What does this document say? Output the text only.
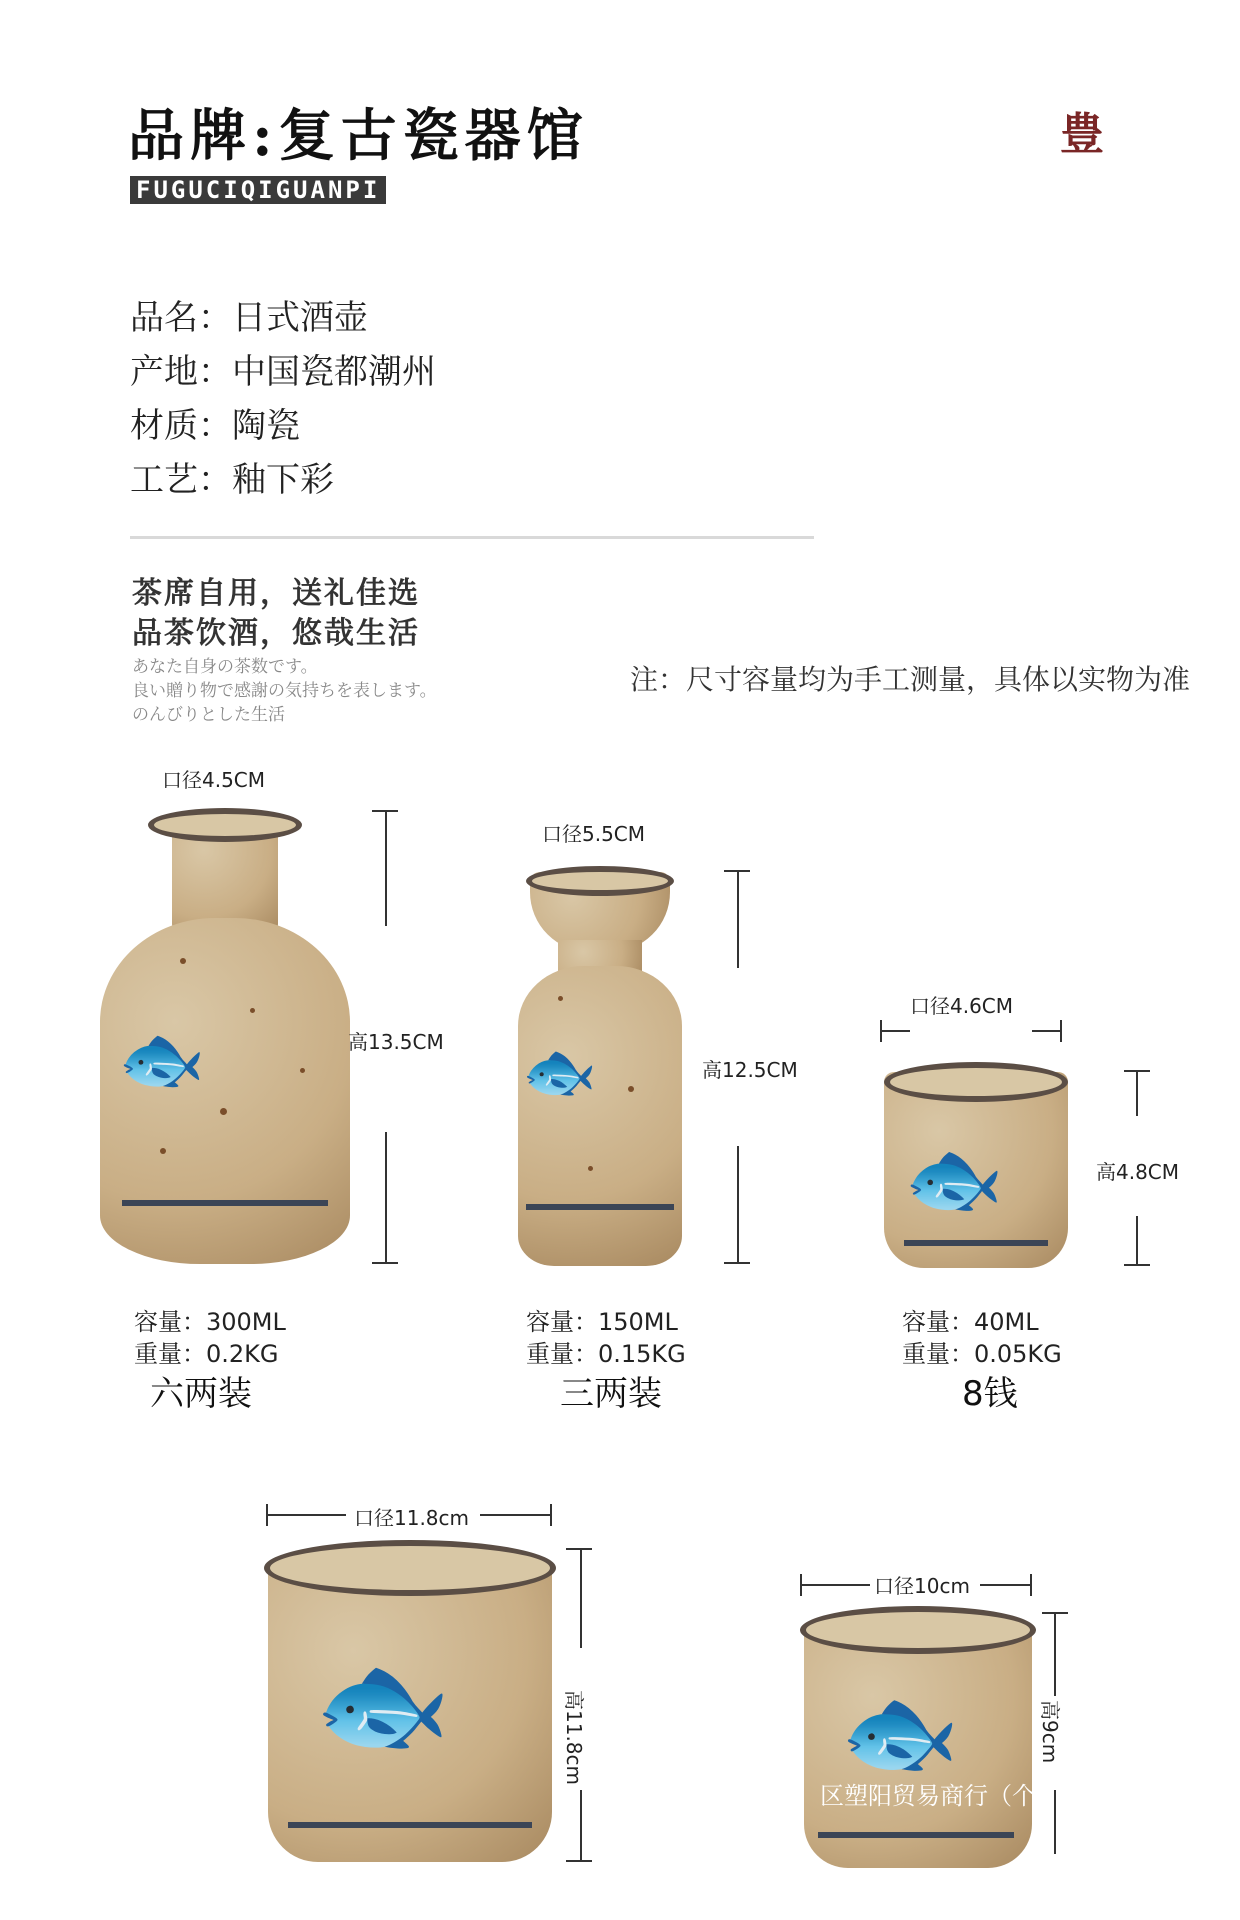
品牌:复古瓷器馆
FUGUCIQIGUANPI
豊
品名：日式酒壶
产地：中国瓷都潮州
材质：陶瓷
工艺：釉下彩
茶席自用，送礼佳选
品茶饮酒，悠哉生活
あなた自身の茶数です。
良い贈り物で感謝の気持ちを表します。
のんびりとした生活
注：尺寸容量均为手工测量，具体以实物为准
口径4.5CM
🐟	高13.5CM
容量：300ML
重量：0.2KG
六两装
口径5.5CM
🐟	高12.5CM
容量：150ML
重量：0.15KG
三两装
口径4.6CM
🐟	高4.8CM
容量：40ML
重量：0.05KG
8钱
口径11.8cm
🐟	高11.8cm
口径10cm
🐟	高9cm
区塑阳贸易商行（个
